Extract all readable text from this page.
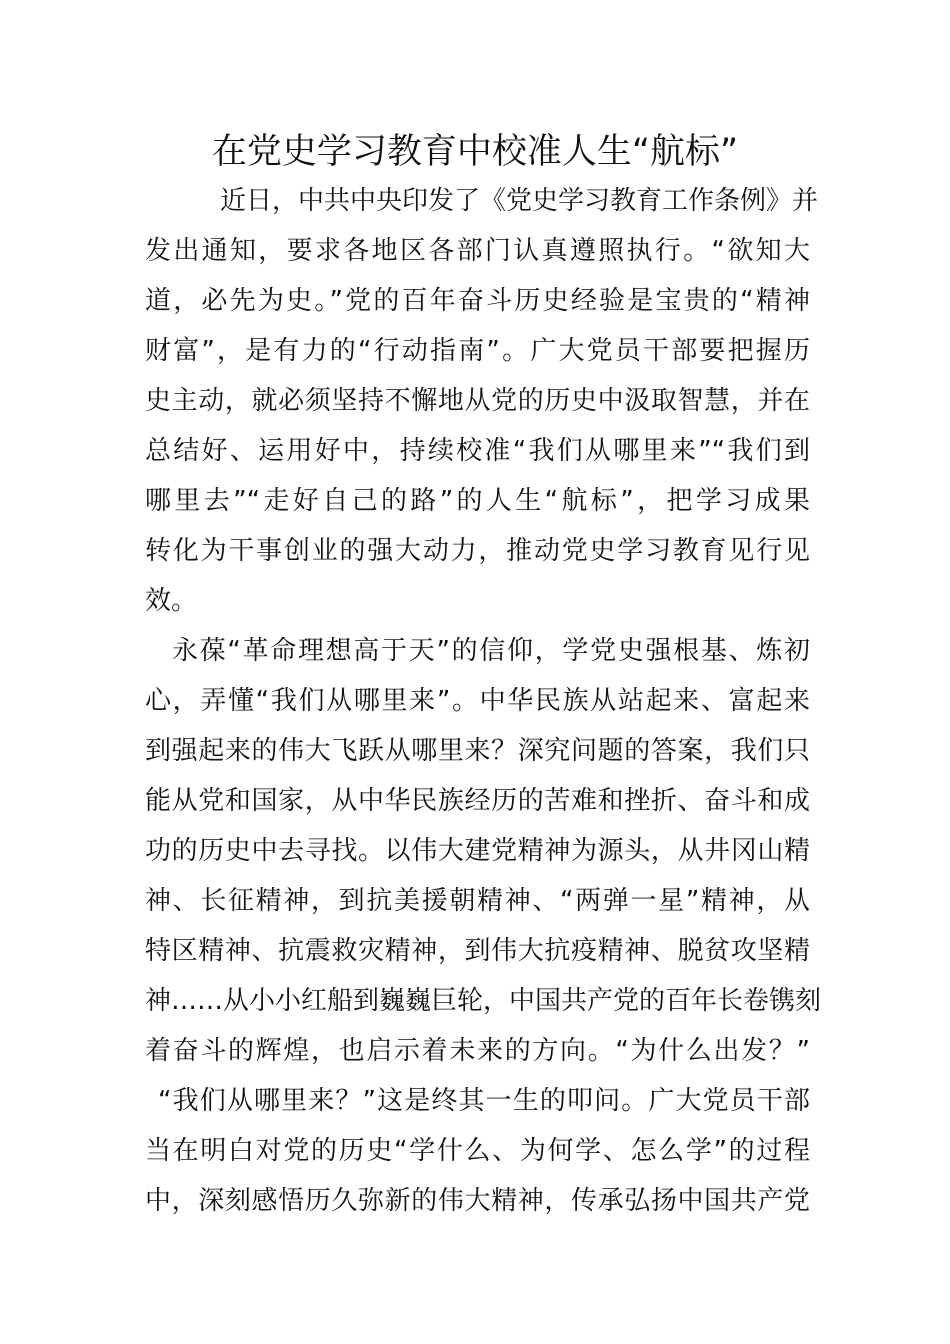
在党史学习教育中校准人生“航标”
近日，中共中央印发了《党史学习教育工作条例》并
发出通知，要求各地区各部门认真遵照执行。“欲知大
道，必先为史。”党的百年奋斗历史经验是宝贵的“精神
财富”，是有力的“行动指南”。广大党员干部要把握历
史主动，就必须坚持不懈地从党的历史中汲取智慧，并在
总结好、运用好中，持续校准“我们从哪里来”“我们到
哪里去”“走好自己的路”的人生“航标”，把学习成果
转化为干事创业的强大动力，推动党史学习教育见行见
效。
永葆“革命理想高于天”的信仰，学党史强根基、炼初
心，弄懂“我们从哪里来”。中华民族从站起来、富起来
到强起来的伟大飞跃从哪里来？深究问题的答案，我们只
能从党和国家，从中华民族经历的苦难和挫折、奋斗和成
功的历史中去寻找。以伟大建党精神为源头，从井冈山精
神、长征精神，到抗美援朝精神、“两弹一星”精神，从
特区精神、抗震救灾精神，到伟大抗疫精神、脱贫攻坚精
神……从小小红船到巍巍巨轮，中国共产党的百年长卷镌刻
着奋斗的辉煌，也启示着未来的方向。“为什么出发？”
“我们从哪里来？”这是终其一生的叩问。广大党员干部
当在明白对党的历史“学什么、为何学、怎么学”的过程
中，深刻感悟历久弥新的伟大精神，传承弘扬中国共产党
